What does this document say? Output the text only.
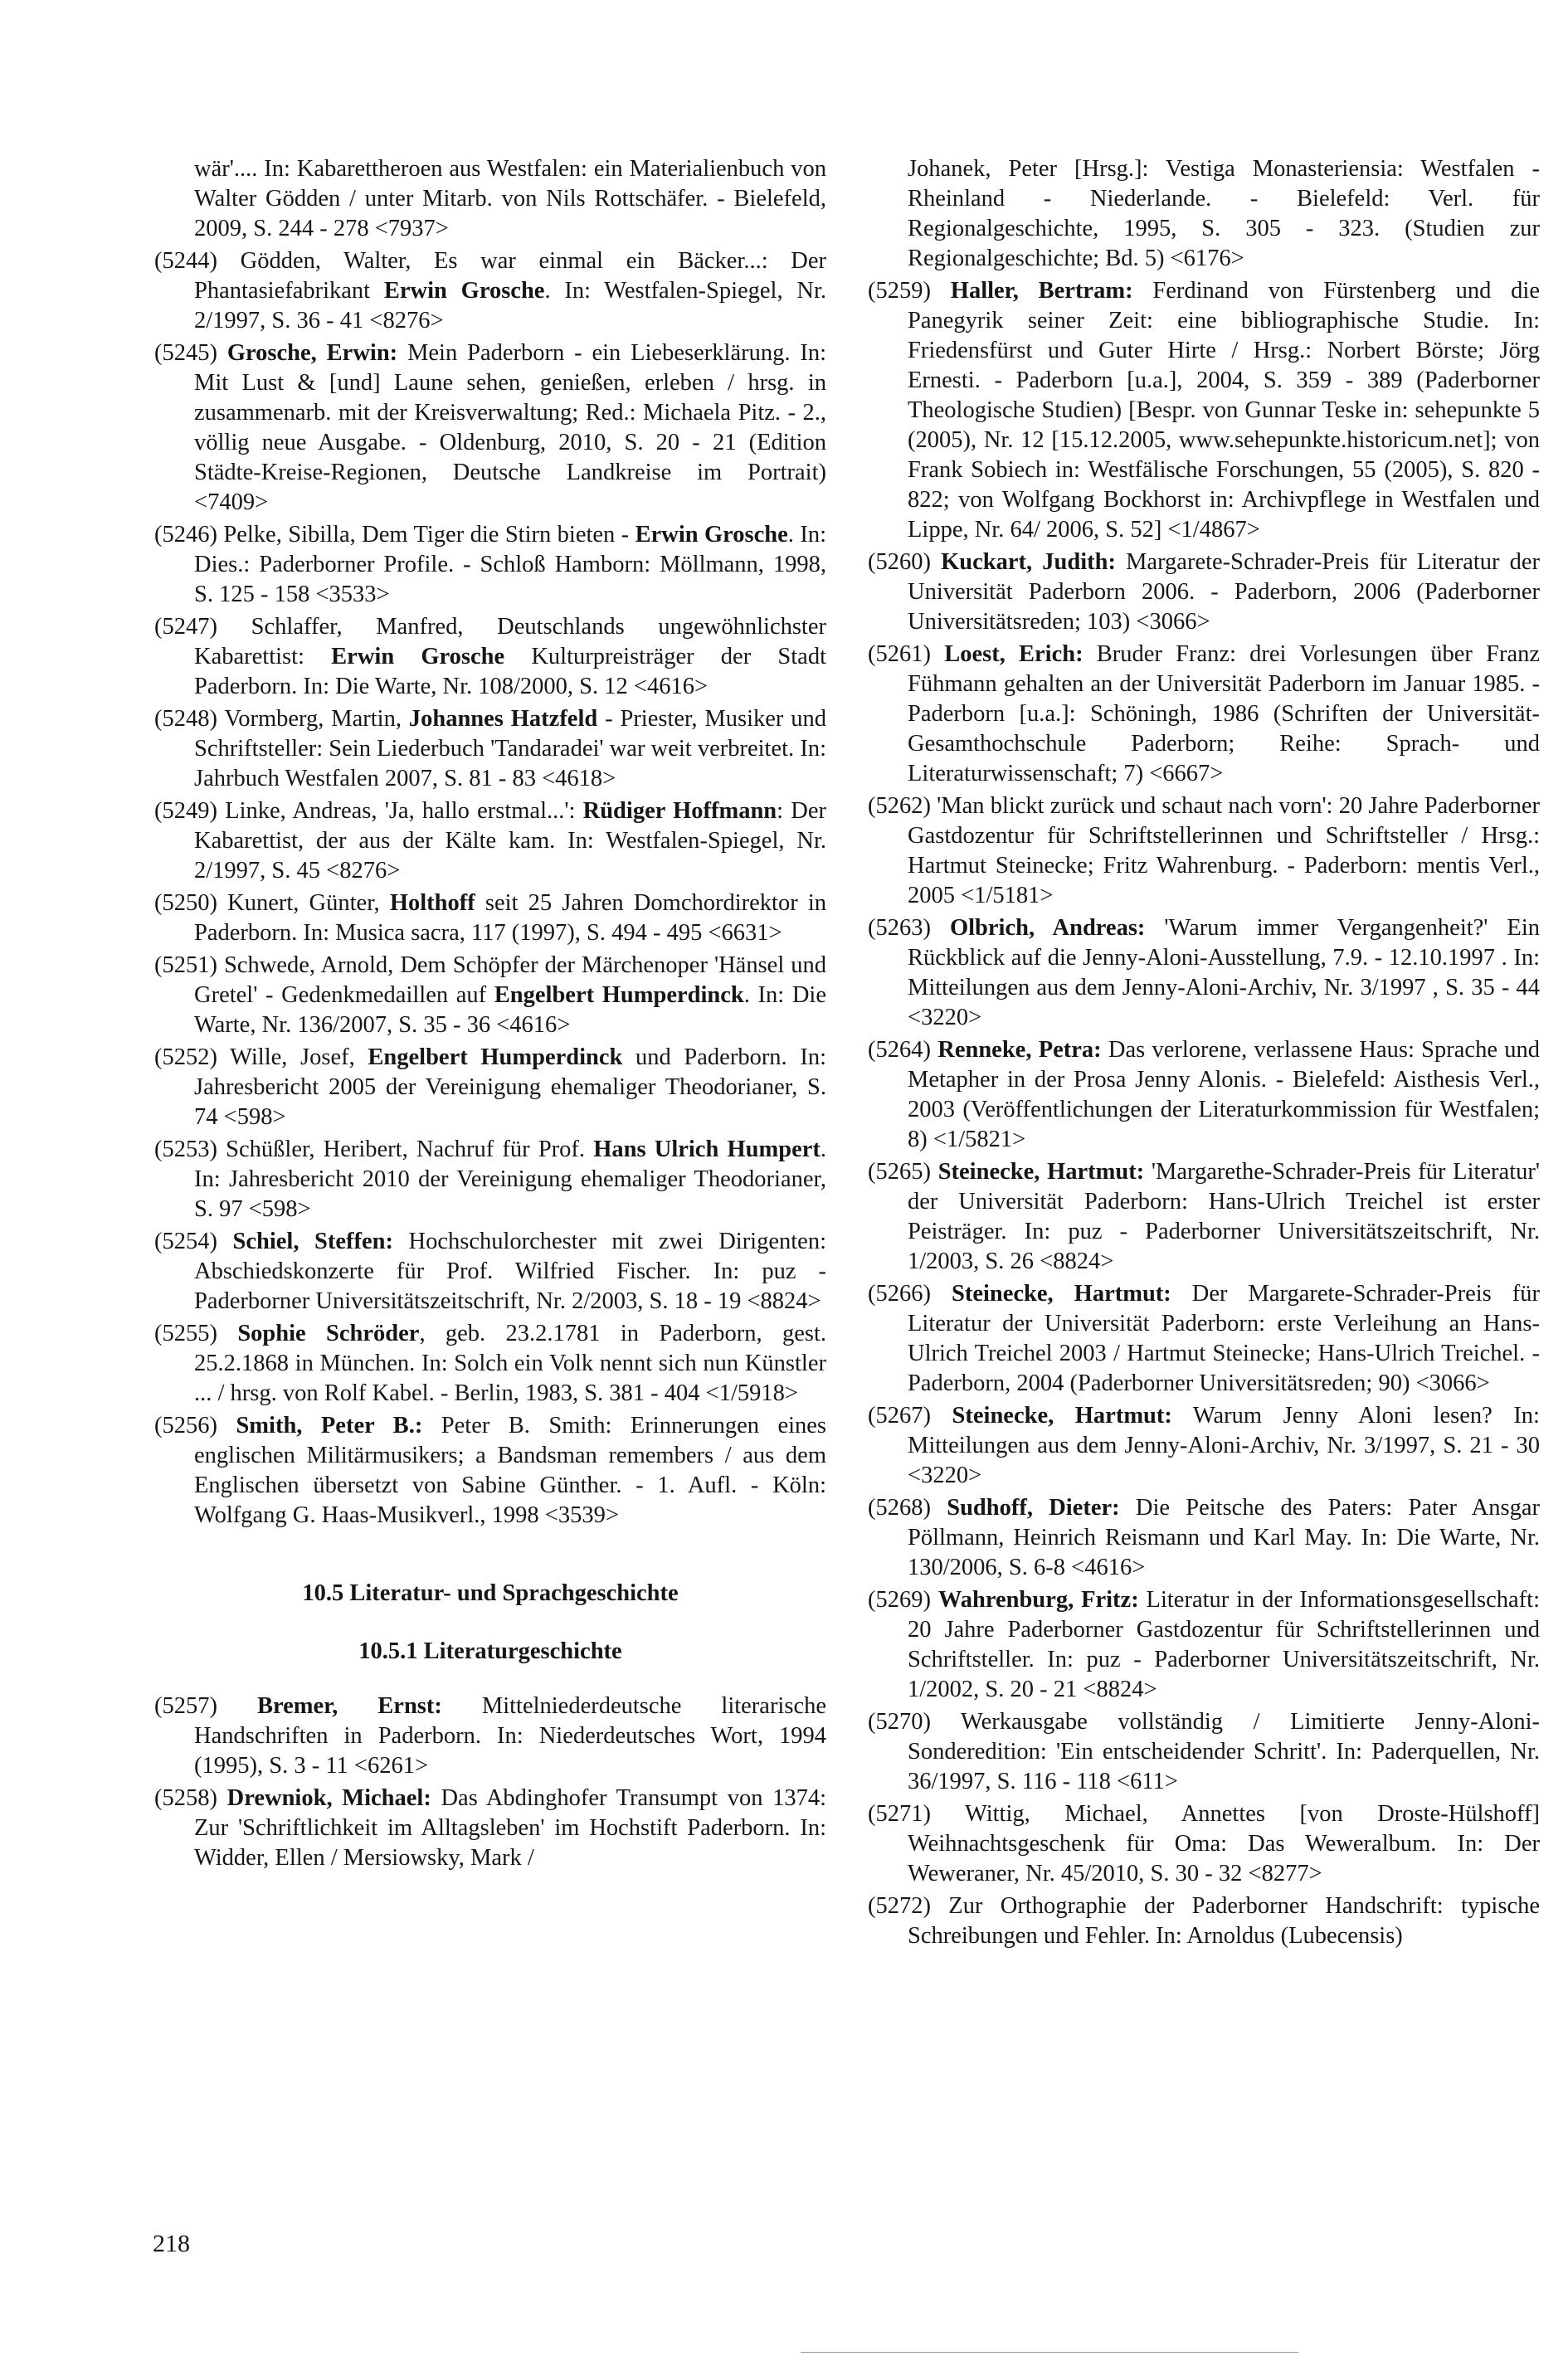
wär'.... In: Kabarettheroen aus Westfalen: ein Materialienbuch von Walter Gödden / unter Mitarb. von Nils Rottschäfer. - Bielefeld, 2009, S. 244 - 278 <7937>

(5244) Gödden, Walter, Es war einmal ein Bäcker...: Der Phantasiefabrikant Erwin Grosche. In: Westfalen-Spiegel, Nr. 2/1997, S. 36 - 41 <8276>

(5245) Grosche, Erwin: Mein Paderborn - ein Liebeserklärung. In: Mit Lust & [und] Laune sehen, genießen, erleben / hrsg. in zusammenarb. mit der Kreisverwaltung; Red.: Michaela Pitz. - 2., völlig neue Ausgabe. - Oldenburg, 2010, S. 20 - 21 (Edition Städte-Kreise-Regionen, Deutsche Landkreise im Portrait) <7409>

(5246) Pelke, Sibilla, Dem Tiger die Stirn bieten - Erwin Grosche. In: Dies.: Paderborner Profile. - Schloß Hamborn: Möllmann, 1998, S. 125 - 158 <3533>

(5247) Schlaffer, Manfred, Deutschlands ungewöhnlichster Kabarettist: Erwin Grosche Kulturpreisträger der Stadt Paderborn. In: Die Warte, Nr. 108/2000, S. 12 <4616>

(5248) Vormberg, Martin, Johannes Hatzfeld - Priester, Musiker und Schriftsteller: Sein Liederbuch 'Tandaradei' war weit verbreitet. In: Jahrbuch Westfalen 2007, S. 81 - 83 <4618>

(5249) Linke, Andreas, 'Ja, hallo erstmal...': Rüdiger Hoffmann: Der Kabarettist, der aus der Kälte kam. In: Westfalen-Spiegel, Nr. 2/1997, S. 45 <8276>

(5250) Kunert, Günter, Holthoff seit 25 Jahren Domchordirektor in Paderborn. In: Musica sacra, 117 (1997), S. 494 - 495 <6631>

(5251) Schwede, Arnold, Dem Schöpfer der Märchenoper 'Hänsel und Gretel' - Gedenkmedaillen auf Engelbert Humperdinck. In: Die Warte, Nr. 136/2007, S. 35 - 36 <4616>

(5252) Wille, Josef, Engelbert Humperdinck und Paderborn. In: Jahresbericht 2005 der Vereinigung ehemaliger Theodorianer, S. 74 <598>

(5253) Schüßler, Heribert, Nachruf für Prof. Hans Ulrich Humpert. In: Jahresbericht 2010 der Vereinigung ehemaliger Theodorianer, S. 97 <598>

(5254) Schiel, Steffen: Hochschulorchester mit zwei Dirigenten: Abschiedskonzerte für Prof. Wilfried Fischer. In: puz - Paderborner Universitätszeitschrift, Nr. 2/2003, S. 18 - 19 <8824>

(5255) Sophie Schröder, geb. 23.2.1781 in Paderborn, gest. 25.2.1868 in München. In: Solch ein Volk nennt sich nun Künstler ... / hrsg. von Rolf Kabel. - Berlin, 1983, S. 381 - 404 <1/5918>

(5256) Smith, Peter B.: Peter B. Smith: Erinnerungen eines englischen Militärmusikers; a Bandsman remembers / aus dem Englischen übersetzt von Sabine Günther. - 1. Aufl. - Köln: Wolfgang G. Haas-Musikverl., 1998 <3539>

10.5 Literatur- und Sprachgeschichte

10.5.1 Literaturgeschichte

(5257) Bremer, Ernst: Mittelniederdeutsche literarische Handschriften in Paderborn. In: Niederdeutsches Wort, 1994 (1995), S. 3 - 11 <6261>

(5258) Drewniok, Michael: Das Abdinghofer Transumpt von 1374: Zur 'Schriftlichkeit im Alltagsleben' im Hochstift Paderborn. In: Widder, Ellen / Mersiowsky, Mark /

Johanek, Peter [Hrsg.]: Vestiga Monasteriensia: Westfalen - Rheinland - Niederlande. - Bielefeld: Verl. für Regionalgeschichte, 1995, S. 305 - 323. (Studien zur Regionalgeschichte; Bd. 5) <6176>

(5259) Haller, Bertram: Ferdinand von Fürstenberg und die Panegyrik seiner Zeit: eine bibliographische Studie. In: Friedensfürst und Guter Hirte / Hrsg.: Norbert Börste; Jörg Ernesti. - Paderborn [u.a.], 2004, S. 359 - 389 (Paderborner Theologische Studien) [Bespr. von Gunnar Teske in: sehepunkte 5 (2005), Nr. 12 [15.12.2005, www.sehepunkte.historicum.net]; von Frank Sobiech in: Westfälische Forschungen, 55 (2005), S. 820 - 822; von Wolfgang Bockhorst in: Archivpflege in Westfalen und Lippe, Nr. 64/ 2006, S. 52] <1/4867>

(5260) Kuckart, Judith: Margarete-Schrader-Preis für Literatur der Universität Paderborn 2006. - Paderborn, 2006 (Paderborner Universitätsreden; 103) <3066>

(5261) Loest, Erich: Bruder Franz: drei Vorlesungen über Franz Fühmann gehalten an der Universität Paderborn im Januar 1985. - Paderborn [u.a.]: Schöningh, 1986 (Schriften der Universität-Gesamthochschule Paderborn; Reihe: Sprach- und Literaturwissenschaft; 7) <6667>

(5262) 'Man blickt zurück und schaut nach vorn': 20 Jahre Paderborner Gastdozentur für Schriftstellerinnen und Schriftsteller / Hrsg.: Hartmut Steinecke; Fritz Wahrenburg. - Paderborn: mentis Verl., 2005 <1/5181>

(5263) Olbrich, Andreas: 'Warum immer Vergangenheit?' Ein Rückblick auf die Jenny-Aloni-Ausstellung, 7.9. - 12.10.1997 . In: Mitteilungen aus dem Jenny-Aloni-Archiv, Nr. 3/1997 , S. 35 - 44 <3220>

(5264) Renneke, Petra: Das verlorene, verlassene Haus: Sprache und Metapher in der Prosa Jenny Alonis. - Bielefeld: Aisthesis Verl., 2003 (Veröffentlichungen der Literaturkommission für Westfalen; 8) <1/5821>

(5265) Steinecke, Hartmut: 'Margarethe-Schrader-Preis für Literatur' der Universität Paderborn: Hans-Ulrich Treichel ist erster Peisträger. In: puz - Paderborner Universitätszeitschrift, Nr. 1/2003, S. 26 <8824>

(5266) Steinecke, Hartmut: Der Margarete-Schrader-Preis für Literatur der Universität Paderborn: erste Verleihung an Hans-Ulrich Treichel 2003 / Hartmut Steinecke; Hans-Ulrich Treichel. - Paderborn, 2004 (Paderborner Universitätsreden; 90) <3066>

(5267) Steinecke, Hartmut: Warum Jenny Aloni lesen? In: Mitteilungen aus dem Jenny-Aloni-Archiv, Nr. 3/1997, S. 21 - 30 <3220>

(5268) Sudhoff, Dieter: Die Peitsche des Paters: Pater Ansgar Pöllmann, Heinrich Reismann und Karl May. In: Die Warte, Nr. 130/2006, S. 6-8 <4616>

(5269) Wahrenburg, Fritz: Literatur in der Informationsgesellschaft: 20 Jahre Paderborner Gastdozentur für Schriftstellerinnen und Schriftsteller. In: puz - Paderborner Universitätszeitschrift, Nr. 1/2002, S. 20 - 21 <8824>

(5270) Werkausgabe vollständig / Limitierte Jenny-Aloni-Sonderedition: 'Ein entscheidender Schritt'. In: Paderquellen, Nr. 36/1997, S. 116 - 118 <611>

(5271) Wittig, Michael, Annettes [von Droste-Hülshoff] Weihnachtsgeschenk für Oma: Das Weweralbum. In: Der Weweraner, Nr. 45/2010, S. 30 - 32 <8277>

(5272) Zur Orthographie der Paderborner Handschrift: typische Schreibungen und Fehler. In: Arnoldus (Lubecensis)

218
